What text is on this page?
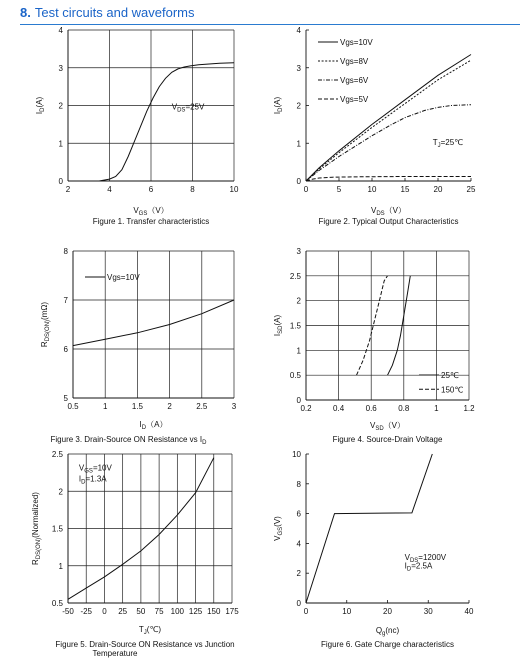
8. Test circuits and waveforms
2	4	6	8	10
0
1
2
3
4
$V_{GS}(V)$
$I_D(A)$
Figure 1. Transfer characteristics
$V_{DS}=25V$
0	5	10	15	20	25
0
1
2
3
4
$V_{DS}(V)$
$I_D(A)$
Figure 2. Typical Output Characteristics
Vgs=10V
Vgs=8V
Vgs=6V
Vgs=5V
$T_J=25℃$
0.5	1	1.5	2	2.5	3
5
6
7
8
$I_D(A)$
$R_{DS(ON)}(m\Omega)$
Figure 3. Drain-Source ON Resistance vs $I_D$
Vgs=10V
0.2	0.4	0.6	0.8	1	1.2
0
0.5
1
1.5
2
2.5
3
$V_{SD}(V)$
$I_{SD}(A)$
Figure 4. Source-Drain Voltage
25℃
150℃
-50 -25 0 25 50 75 100 125 150 175
0.5
1
1.5
2
2.5
$T_J(℃)$
$R_{DS(ON)}(Normalized)$
Figure 5. Drain-Source ON Resistance vs Junction
Temperature
$V_{GS}=10V$
$I_D=1.3A$
0	10	20	30	40
0
2
4
6
8
10
$Q_g(nc)$
$V_{GS}(V)$
Figure 6. Gate Charge characteristics
$V_{DS}=1200V$
$I_D=2.5A$
